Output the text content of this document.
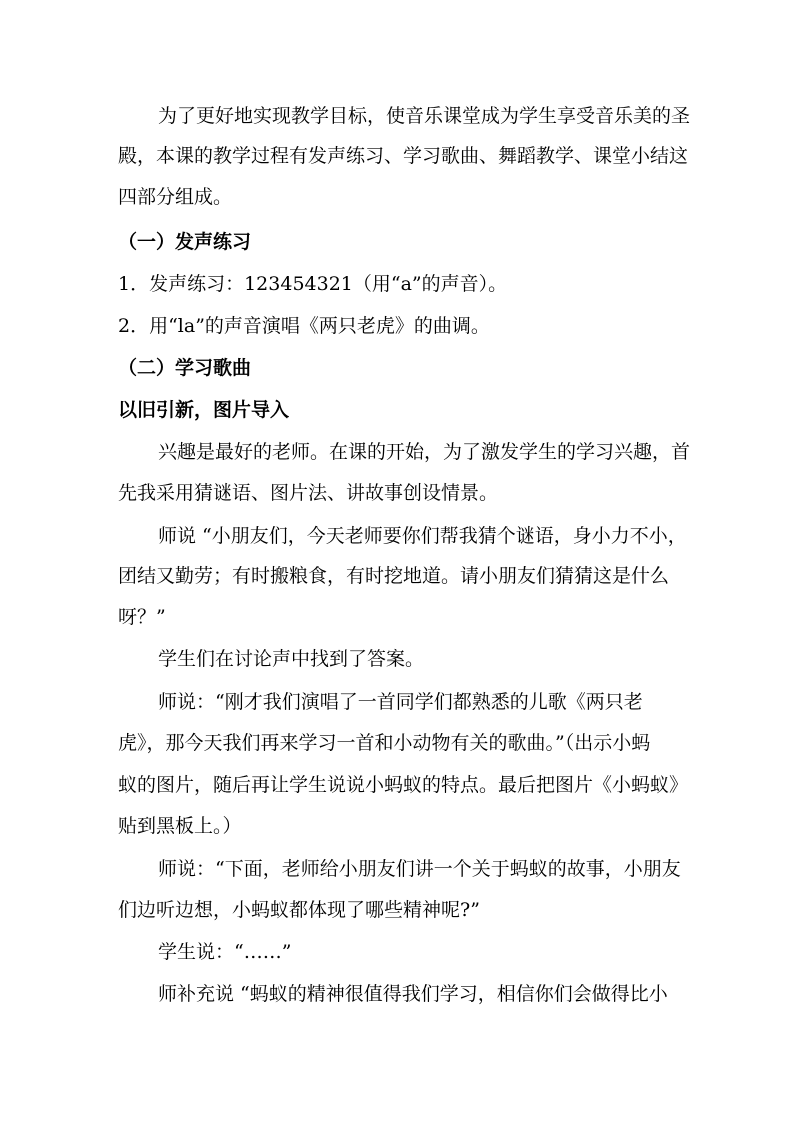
为了更好地实现教学目标，使音乐课堂成为学生享受音乐美的圣
殿，本课的教学过程有发声练习、学习歌曲、舞蹈教学、课堂小结这
四部分组成。
（一）发声练习
1．发声练习：123454321（用“a”的声音）。
2．用“la”的声音演唱《两只老虎》的曲调。
（二）学习歌曲
以旧引新，图片导入
兴趣是最好的老师。在课的开始，为了激发学生的学习兴趣，首
先我采用猜谜语、图片法、讲故事创设情景。
师说 “小朋友们，今天老师要你们帮我猜个谜语，身小力不小，
团结又勤劳；有时搬粮食，有时挖地道。请小朋友们猜猜这是什么
呀？”
学生们在讨论声中找到了答案。
师说：“刚才我们演唱了一首同学们都熟悉的儿歌《两只老
虎》，那今天我们再来学习一首和小动物有关的歌曲。”（出示小蚂
蚁的图片，随后再让学生说说小蚂蚁的特点。最后把图片《小蚂蚁》
贴到黑板上。）
师说：“下面，老师给小朋友们讲一个关于蚂蚁的故事，小朋友
们边听边想，小蚂蚁都体现了哪些精神呢?”
学生说：“……”
师补充说 “蚂蚁的精神很值得我们学习，相信你们会做得比小
